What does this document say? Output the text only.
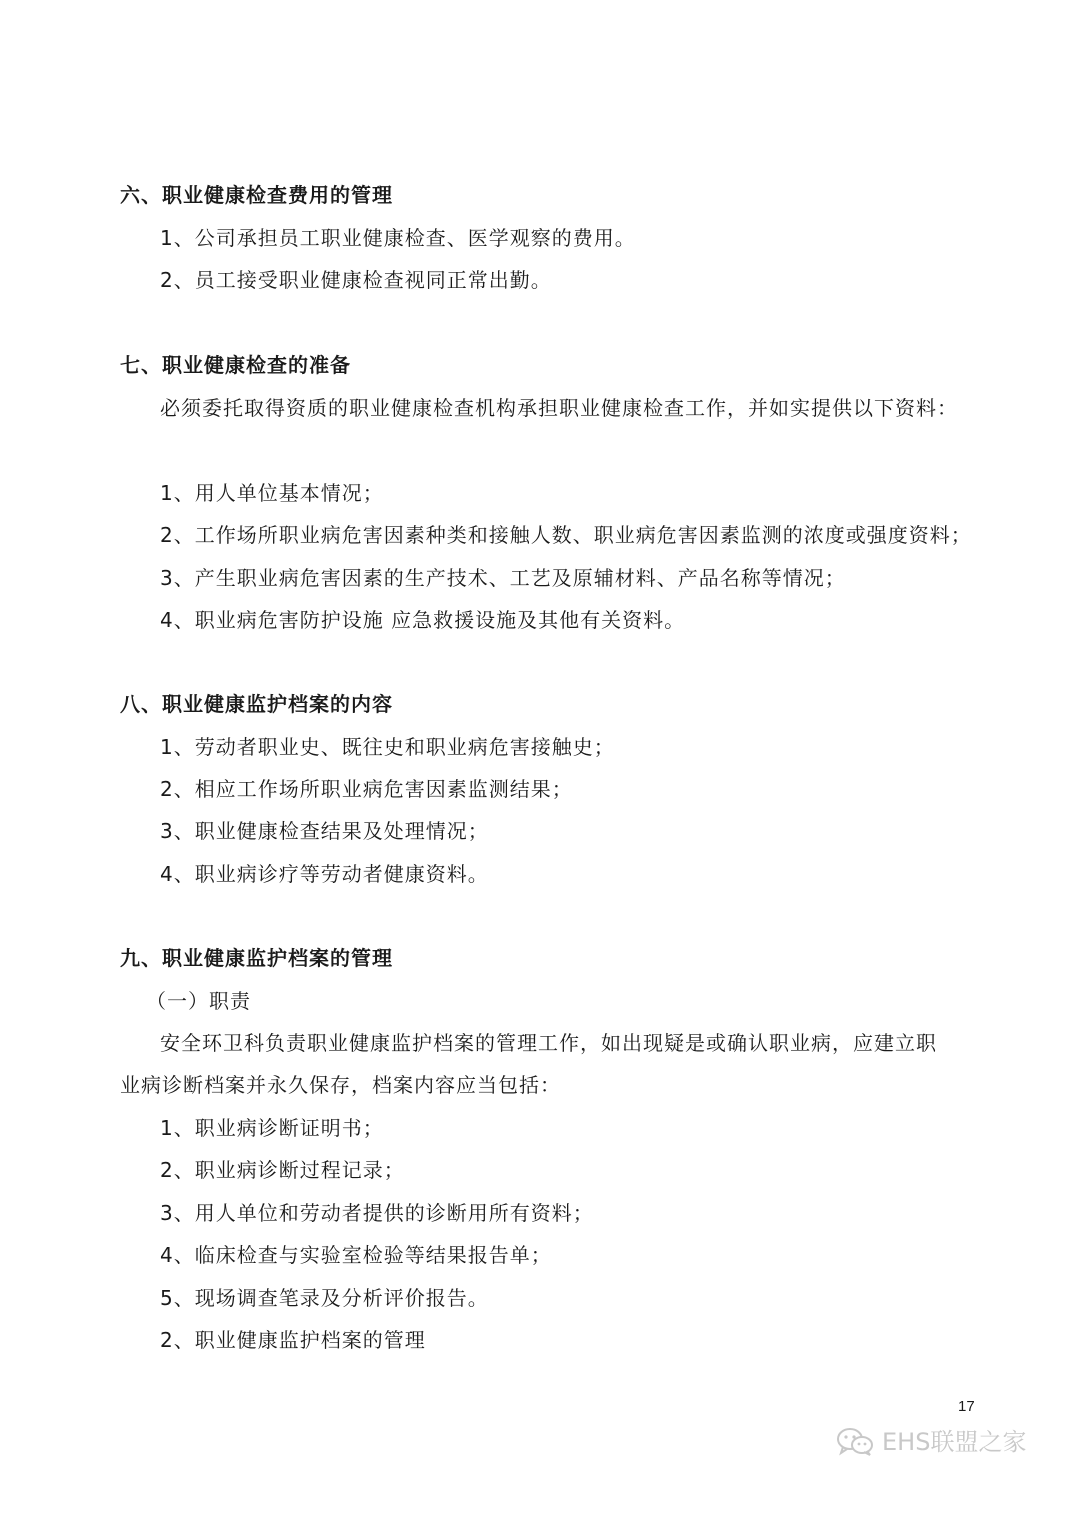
六、职业健康检查费用的管理
1、公司承担员工职业健康检查、医学观察的费用。
2、员工接受职业健康检查视同正常出勤。
七、职业健康检查的准备
必须委托取得资质的职业健康检查机构承担职业健康检查工作，并如实提供以下资料：
1、用人单位基本情况；
2、工作场所职业病危害因素种类和接触人数、职业病危害因素监测的浓度或强度资料；
3、产生职业病危害因素的生产技术、工艺及原辅材料、产品名称等情况；
4、职业病危害防护设施 应急救援设施及其他有关资料。
八、职业健康监护档案的内容
1、劳动者职业史、既往史和职业病危害接触史；
2、相应工作场所职业病危害因素监测结果；
3、职业健康检查结果及处理情况；
4、职业病诊疗等劳动者健康资料。
九、职业健康监护档案的管理
（一）职责
安全环卫科负责职业健康监护档案的管理工作，如出现疑是或确认职业病，应建立职
业病诊断档案并永久保存，档案内容应当包括：
1、职业病诊断证明书；
2、职业病诊断过程记录；
3、用人单位和劳动者提供的诊断用所有资料；
4、临床检查与实验室检验等结果报告单；
5、现场调查笔录及分析评价报告。
2、职业健康监护档案的管理
17
EHS联盟之家
